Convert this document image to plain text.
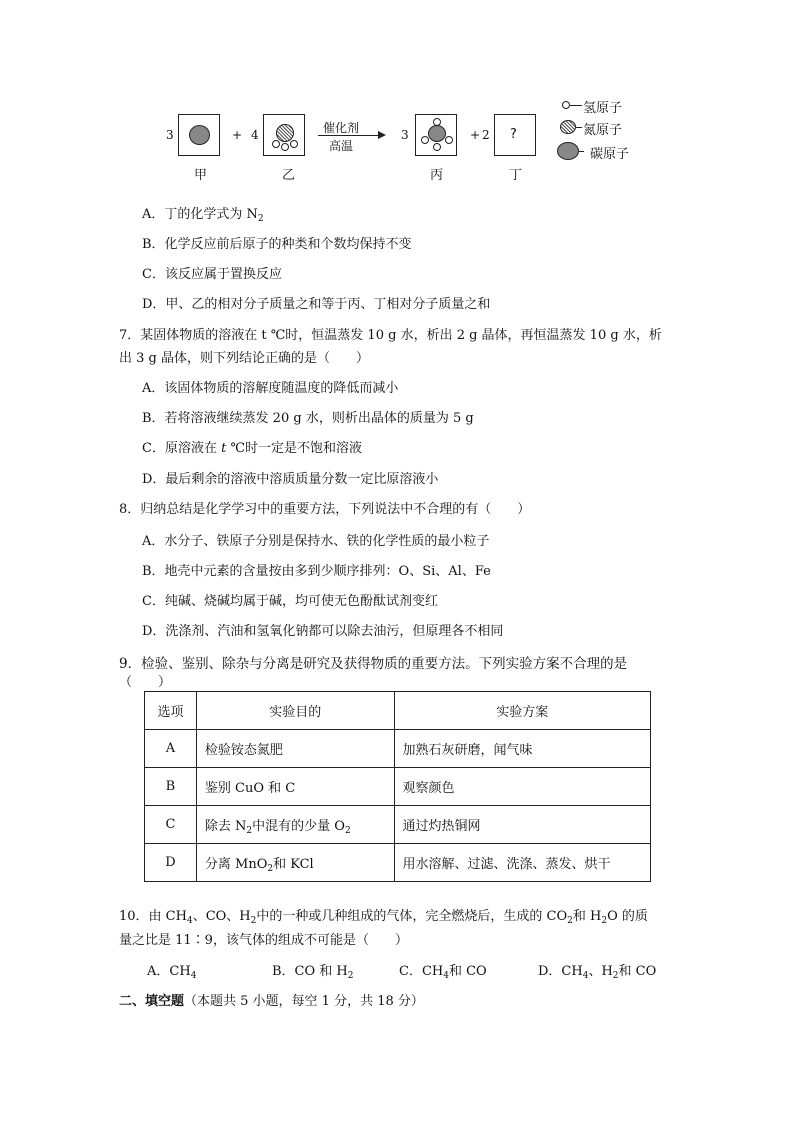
3	+ 4	催化剂
高温
3	+ 2 ?
甲	乙	丙	丁
氢原子
氮原子
碳原子
A．丁的化学式为 $N_2$
B．化学反应前后原子的种类和个数均保持不变
C．该反应属于置换反应
D．甲、乙的相对分子质量之和等于丙、丁相对分子质量之和
7．某固体物质的溶液在 t ℃时，恒温蒸发 10 g 水，析出 2 g 晶体，再恒温蒸发 10 g 水，析
出 3 g 晶体，则下列结论正确的是（　　）
A．该固体物质的溶解度随温度的降低而减小
B．若将溶液继续蒸发 20 g 水，则析出晶体的质量为 5 g
C．原溶液在 t ℃时一定是不饱和溶液
D．最后剩余的溶液中溶质质量分数一定比原溶液小
8．归纳总结是化学学习中的重要方法，下列说法中不合理的有（　　）
A．水分子、铁原子分别是保持水、铁的化学性质的最小粒子
B．地壳中元素的含量按由多到少顺序排列：O、Si、Al、Fe
C．纯碱、烧碱均属于碱，均可使无色酚酞试剂变红
D．洗涤剂、汽油和氢氧化钠都可以除去油污，但原理各不相同
9．检验、鉴别、除杂与分离是研究及获得物质的重要方法。下列实验方案不合理的是
（　　）
选项	实验目的	实验方案
A	检验铵态氮肥	加熟石灰研磨，闻气味
B	鉴别 CuO 和 C	观察颜色
C	除去 $N_2$中混有的少量 $O_2$	通过灼热铜网
D	分离 MnO$_2$和 KCl	用水溶解、过滤、洗涤、蒸发、烘干
10．由 $CH_4$、CO、$H_2$中的一种或几种组成的气体，完全燃烧后，生成的 $CO_2$和 $H_2O$ 的质
量之比是 11∶9，该气体的组成不可能是（　　）
A．$CH_4$	B．CO 和 $H_2$	C．$CH_4$和 CO	D．$CH_4$、$H_2$和 CO
二、填空题（本题共 5 小题，每空 1 分，共 18 分）
